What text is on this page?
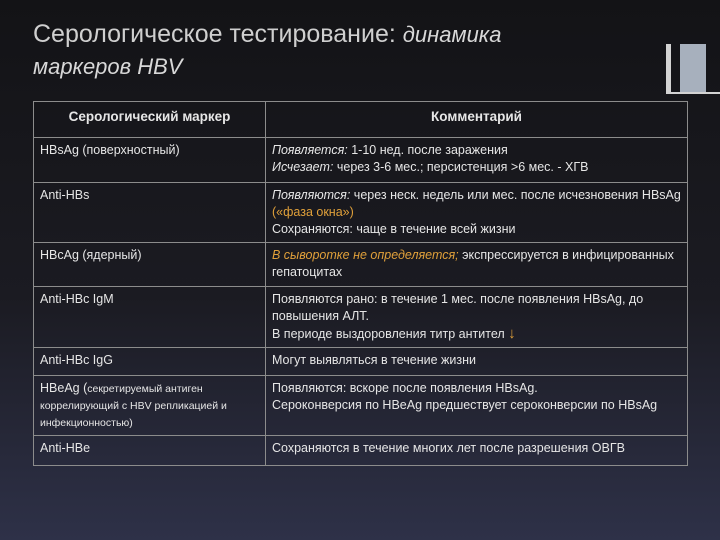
Серологическое тестирование: динамика
маркеров HBV
Серологический маркер	Комментарий
HBsAg (поверхностный)	Появляется: 1-10 нед. после заражения
Исчезает: через 3-6 мес.; персистенция >6 мес. - ХГВ

Anti-HBs	Появляются: через неск. недель или мес. после исчезновения HBsAg («фаза окна»)
Сохраняются: чаще в течение всей жизни

HBcAg (ядерный)	В сыворотке не определяется; экспрессируется в инфицированных гепатоцитах

Anti-HBc IgM	Появляются рано: в течение 1 мес. после появления HBsAg, до повышения АЛТ.
В периоде выздоровления титр антител ↓

Anti-HBc IgG	Могут выявляться в течение жизни

HBeAg (секретируемый антиген коррелирующий с HBV репликацией и инфекционностью)	Появляются: вскоре после появления HBsAg.
Сероконверсия по HBeAg предшествует сероконверсии по HBsAg

Anti-HBe	Сохраняются в течение многих лет после разрешения ОВГВ
